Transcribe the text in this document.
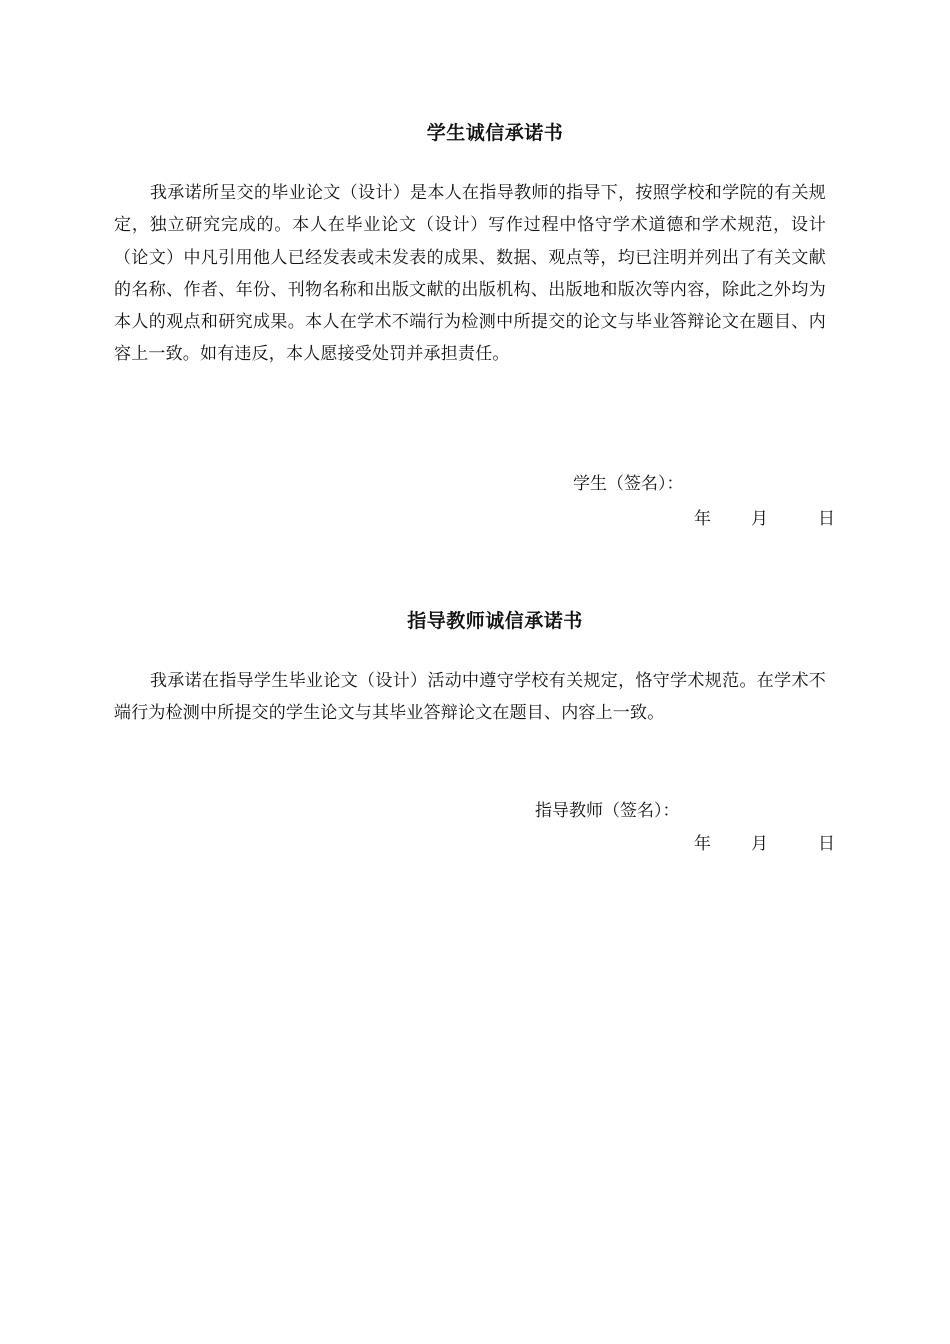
学生诚信承诺书

我承诺所呈交的毕业论文（设计）是本人在指导教师的指导下，按照学校和学院的有关规定，独立研究完成的。本人在毕业论文（设计）写作过程中恪守学术道德和学术规范，设计（论文）中凡引用他人已经发表或未发表的成果、数据、观点等，均已注明并列出了有关文献的名称、作者、年份、刊物名称和出版文献的出版机构、出版地和版次等内容，除此之外均为本人的观点和研究成果。本人在学术不端行为检测中所提交的论文与毕业答辩论文在题目、内容上一致。如有违反，本人愿接受处罚并承担责任。

学生（签名）：
年 月	日
指导教师诚信承诺书

我承诺在指导学生毕业论文（设计）活动中遵守学校有关规定，恪守学术规范。在学术不端行为检测中所提交的学生论文与其毕业答辩论文在题目、内容上一致。

指导教师（签名）：
年 月	日
